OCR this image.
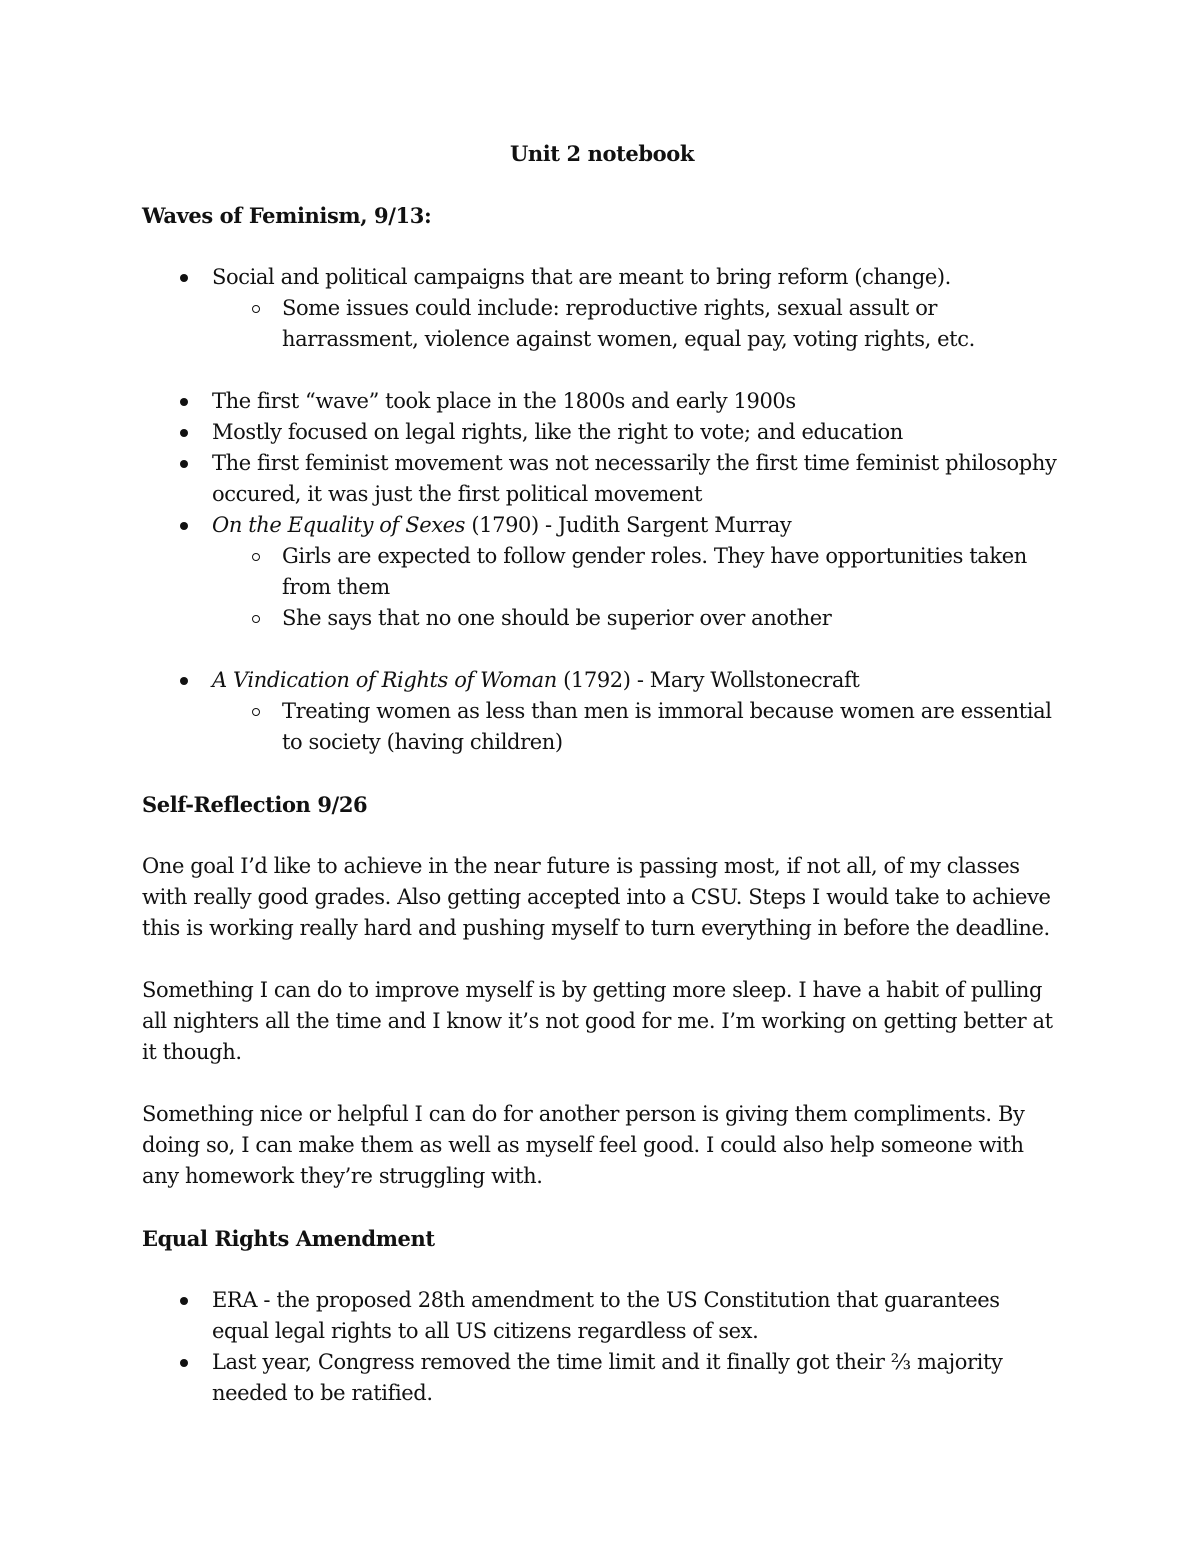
Unit 2 notebook
Waves of Feminism, 9/13:
Social and political campaigns that are meant to bring reform (change).
Some issues could include: reproductive rights, sexual assult or harrassment, violence against women, equal pay, voting rights, etc.
The first “wave” took place in the 1800s and early 1900s
Mostly focused on legal rights, like the right to vote; and education
The first feminist movement was not necessarily the first time feminist philosophy occured, it was just the first political movement
On the Equality of Sexes (1790) - Judith Sargent Murray
Girls are expected to follow gender roles. They have opportunities taken from them
She says that no one should be superior over another
A Vindication of Rights of Woman (1792) - Mary Wollstonecraft
Treating women as less than men is immoral because women are essential to society (having children)
Self-Reflection 9/26

One goal I’d like to achieve in the near future is passing most, if not all, of my classes with really good grades. Also getting accepted into a CSU. Steps I would take to achieve this is working really hard and pushing myself to turn everything in before the deadline.

Something I can do to improve myself is by getting more sleep. I have a habit of pulling all nighters all the time and I know it’s not good for me. I’m working on getting better at it though.

Something nice or helpful I can do for another person is giving them compliments. By doing so, I can make them as well as myself feel good. I could also help someone with any homework they’re struggling with.

Equal Rights Amendment
ERA - the proposed 28th amendment to the US Constitution that guarantees equal legal rights to all US citizens regardless of sex.
Last year, Congress removed the time limit and it finally got their ⅔ majority needed to be ratified.
